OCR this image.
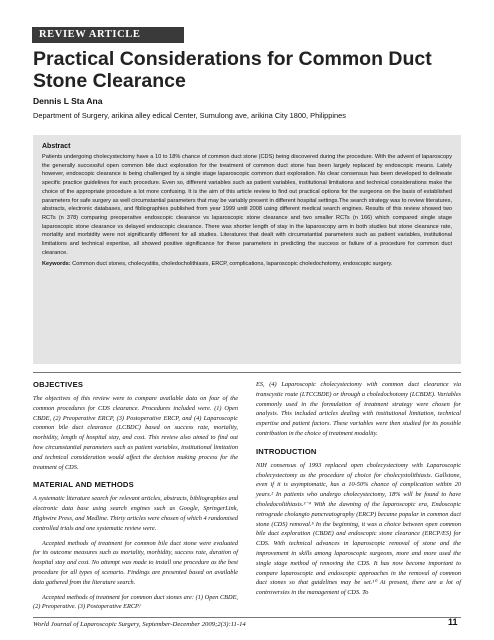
REVIEW ARTICLE
Practical Considerations for Common Duct Stone Clearance
Dennis L Sta Ana
Department of Surgery, arikina alley edical Center, Sumulong ave, arikina City 1800, Philippines
Abstract
Patients undergoing cholecystectomy have a 10 to 18% chance of common duct stone (CDS) being discovered during the procedure. With the advent of laparoscopy the generally successful open common bile duct exploration for the treatment of common duct stone has been largely replaced by endoscopic means. Lately however, endoscopic clearance is being challenged by a single stage laparoscopic common duct exploration. No clear consensus has been developed to delineate specific practice guidelines for each procedure. Even so, different variables such as patient variables, institutional limitations and technical considerations make the choice of the appropriate procedure a lot more confusing. It is the aim of this article review to find out practical options for the surgeons on the basis of established parameters for safe surgery as well circumstantial parameters that may be variably present in different hospital settings.The search strategy was to review literatures, abstracts, electronic databases, and fibliographies published from year 1999 until 2008 using different medical search engines. Results of this review showed two RCTs (n 378) comparing preoperative endoscopic clearance vs laparoscopic stone clearance and two smaller RCTs (n 166) which compared single stage laparoscopic stone clearance vs delayed endoscopic clearance. There was shorter length of stay in the laparoscopy arm in both studies but stone clearance rate, mortality and morbidity were not significantly different for all studies. Literatures that dealt with circumstantial parameters such as patient variables, institutional limitations and technical expertise, all showed positive significance for these parameters in predicting the success or failure of a procedure for common duct clearance.
Keywords: Common duct stones, cholecystitis, choledocholithiasis, ERCP, complications, laparoscopic choledochotomy, endoscopic surgery.
OBJECTIVES

The objectives of this review were to compare available data on four of the common procedures for CDS clearance. Procedures included were. (1) Open CBDE, (2) Preoperative ERCP, (3) Postoperative ERCP, and (4) Laparoscopic common bile duct clearance (LCBDC) based on success rate, mortality, morbidity, length of hospital stay, and cost. This review also aimed to find out how circumstantial parameters such as patient variables, institutional limitation and technical consideration would affect the decision making process for the treatment of CDS.

MATERIAL AND METHODS

A systematic literature search for relevant articles, abstracts, bibliographies and electronic data base using search engines such as Google, SpringerLink, Highwire Press, and Medline. Thirty articles were chosen of which 4 randomised controlled trials and one systematic review were.

Accepted methods of treatment for common bile duct stone were evaluated for its outcome measures such as mortality, morbidity, success rate, duration of hospital stay and cost. No attempt was made to install one procedure as the best procedure for all types of scenario. Findings are presented based on available data gathered from the literature search.

Accepted methods of treatment for common duct stones are: (1) Open CBDE, (2) Preoperative. (3) Postoperative ERCP/

ES, (4) Laparoscopic cholecystectomy with common duct clearance via transcystic route (LTCCBDE) or through a choledochotomy (LCBDE). Variables commonly used in the formulation of treatment strategy were chosen for analysis. This included articles dealing with institutional limitation, technical expertise and patient factors. These variables were then studied for its possible contribution in the choice of treatment modality.

INTRODUCTION

NIH consensus of 1993 replaced open cholecystectomy with Laparoscopic cholecystectomy as the procedure of choice for cholecystolithiasis. Gallstone, even if it is asymptomatic, has a 10-50% chance of complication within 20 years.² In patients who undergo cholecystectomy, 18% will be found to have choledocolithiasis.³⁻⁴ With the dawning of the laparoscopic era, Endoscopic retrograde cholangio pancreatography (ERCP) became popular in common duct stone (CDS) removal.⁵ In the beginning, it was a choice between open common bile duct exploration (CBDE) and endoscopic stone clearance (ERCP/ES) for CDS. With technical advances in laparoscopic removal of stone and the improvement in skills among laparoscopic surgeons, more and more used the single stage method of removing the CDS. It has now become important to compare laparoscopic and endoscopic approaches in the removal of common duct stones so that guidelines may be set.¹⁰ At present, there are a lot of controversies in the management of CDS. To

World Journal of Laparoscopic Surgery, September-December 2009;2(3):11-14	11
